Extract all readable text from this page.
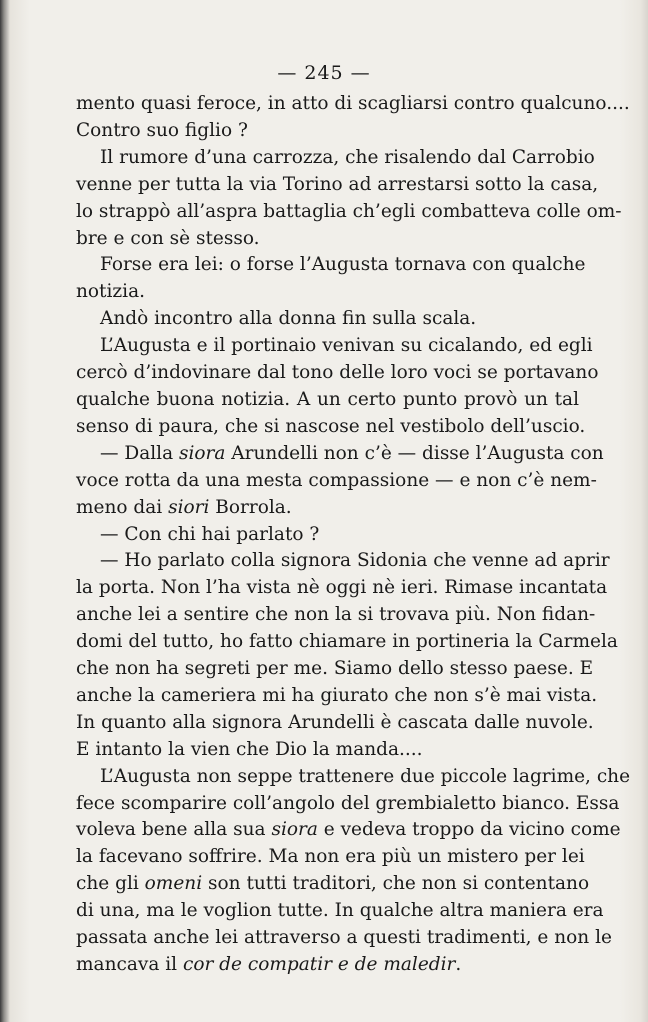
— 245 —
mento quasi feroce, in atto di scagliarsi contro qualcuno....
Contro suo figlio ?
Il rumore d’una carrozza, che risalendo dal Carrobio
venne per tutta la via Torino ad arrestarsi sotto la casa,
lo strappò all’aspra battaglia ch’egli combatteva colle om-
bre e con sè stesso.
Forse era lei: o forse l’Augusta tornava con qualche
notizia.
Andò incontro alla donna fin sulla scala.
L’Augusta e il portinaio venivan su cicalando, ed egli
cercò d’indovinare dal tono delle loro voci se portavano
qualche buona notizia. A un certo punto provò un tal
senso di paura, che si nascose nel vestibolo dell’uscio.
— Dalla siora Arundelli non c’è — disse l’Augusta con
voce rotta da una mesta compassione — e non c’è nem-
meno dai siori Borrola.
— Con chi hai parlato ?
— Ho parlato colla signora Sidonia che venne ad aprir
la porta. Non l’ha vista nè oggi nè ieri. Rimase incantata
anche lei a sentire che non la si trovava più. Non fidan-
domi del tutto, ho fatto chiamare in portineria la Carmela
che non ha segreti per me. Siamo dello stesso paese. E
anche la cameriera mi ha giurato che non s’è mai vista.
In quanto alla signora Arundelli è cascata dalle nuvole.
E intanto la vien che Dio la manda....
L’Augusta non seppe trattenere due piccole lagrime, che
fece scomparire coll’angolo del grembialetto bianco. Essa
voleva bene alla sua siora e vedeva troppo da vicino come
la facevano soffrire. Ma non era più un mistero per lei
che gli omeni son tutti traditori, che non si contentano
di una, ma le voglion tutte. In qualche altra maniera era
passata anche lei attraverso a questi tradimenti, e non le
mancava il cor de compatir e de maledir.
